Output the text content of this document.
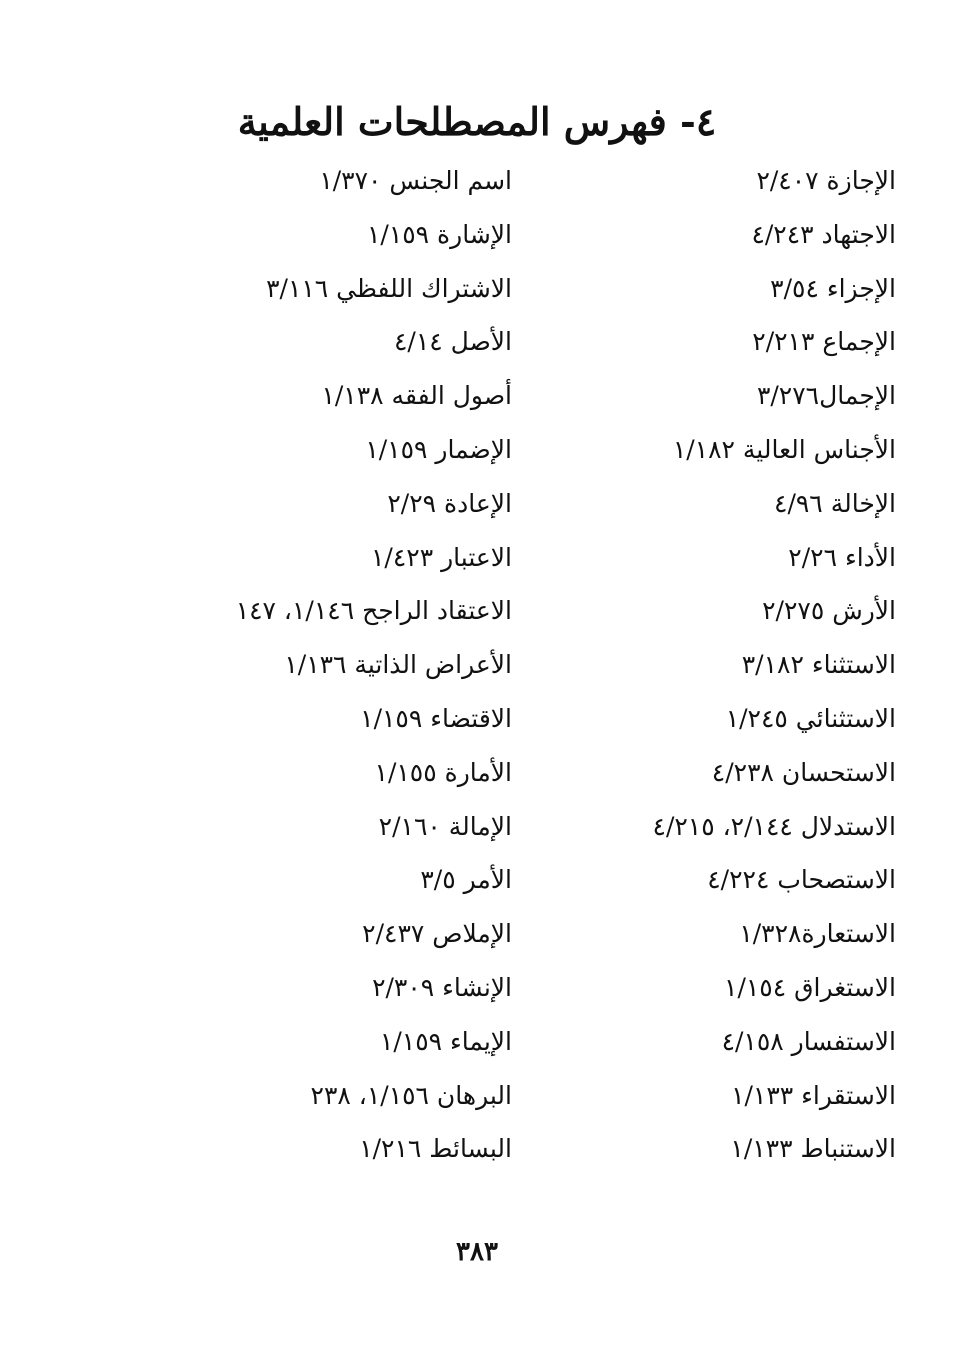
٤- فهرس المصطلحات العلمية
الإجازة ٢/٤٠٧
الاجتهاد ٤/٢٤٣
الإجزاء ٣/٥٤
الإجماع ٢/٢١٣
الإجمال٣/٢٧٦
الأجناس العالية ١/١٨٢
الإخالة ٤/٩٦
الأداء ٢/٢٦
الأرش ٢/٢٧٥
الاستثناء ٣/١٨٢
الاستثنائي ١/٢٤٥
الاستحسان ٤/٢٣٨
الاستدلال ٢/١٤٤، ٤/٢١٥
الاستصحاب ٤/٢٢٤
الاستعارة١/٣٢٨
الاستغراق ١/١٥٤
الاستفسار ٤/١٥٨
الاستقراء ١/١٣٣
الاستنباط ١/١٣٣
اسم الجنس ١/٣٧٠
الإشارة ١/١٥٩
الاشتراك اللفظي ٣/١١٦
الأصل ٤/١٤
أصول الفقه ١/١٣٨
الإضمار ١/١٥٩
الإعادة ٢/٢٩
الاعتبار ١/٤٢٣
الاعتقاد الراجح ١/١٤٦، ١٤٧
الأعراض الذاتية ١/١٣٦
الاقتضاء ١/١٥٩
الأمارة ١/١٥٥
الإمالة ٢/١٦٠
الأمر ٣/٥
الإملاص ٢/٤٣٧
الإنشاء ٢/٣٠٩
الإيماء ١/١٥٩
البرهان ١/١٥٦، ٢٣٨
البسائط ١/٢١٦
٣٨٣
